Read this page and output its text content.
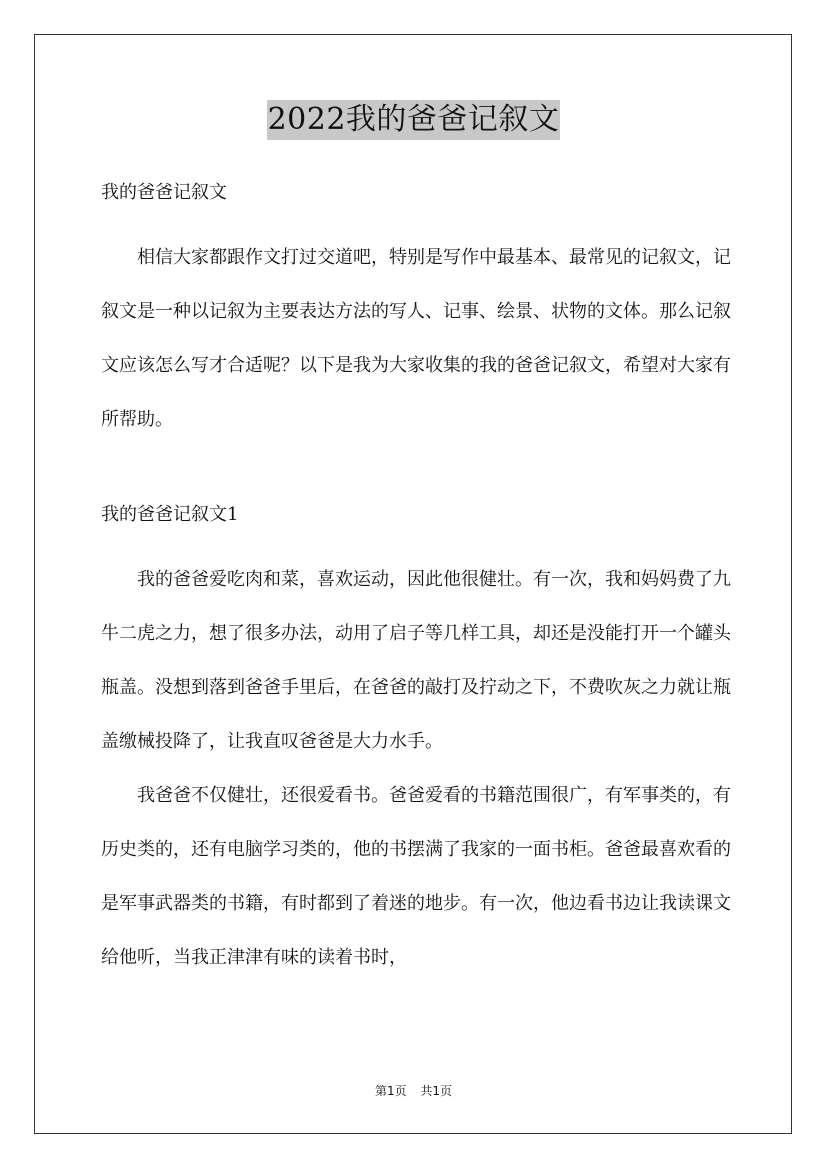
2022我的爸爸记叙文
我的爸爸记叙文

相信大家都跟作文打过交道吧，特别是写作中最基本、最常见的记叙文，记叙文是一种以记叙为主要表达方法的写人、记事、绘景、状物的文体。那么记叙文应该怎么写才合适呢？以下是我为大家收集的我的爸爸记叙文，希望对大家有所帮助。

我的爸爸记叙文1

我的爸爸爱吃肉和菜，喜欢运动，因此他很健壮。有一次，我和妈妈费了九牛二虎之力，想了很多办法，动用了启子等几样工具，却还是没能打开一个罐头瓶盖。没想到落到爸爸手里后，在爸爸的敲打及拧动之下，不费吹灰之力就让瓶盖缴械投降了，让我直叹爸爸是大力水手。

我爸爸不仅健壮，还很爱看书。爸爸爱看的书籍范围很广，有军事类的，有历史类的，还有电脑学习类的，他的书摆满了我家的一面书柜。爸爸最喜欢看的是军事武器类的书籍，有时都到了着迷的地步。有一次，他边看书边让我读课文给他听，当我正津津有味的读着书时，

第1页 共1页
